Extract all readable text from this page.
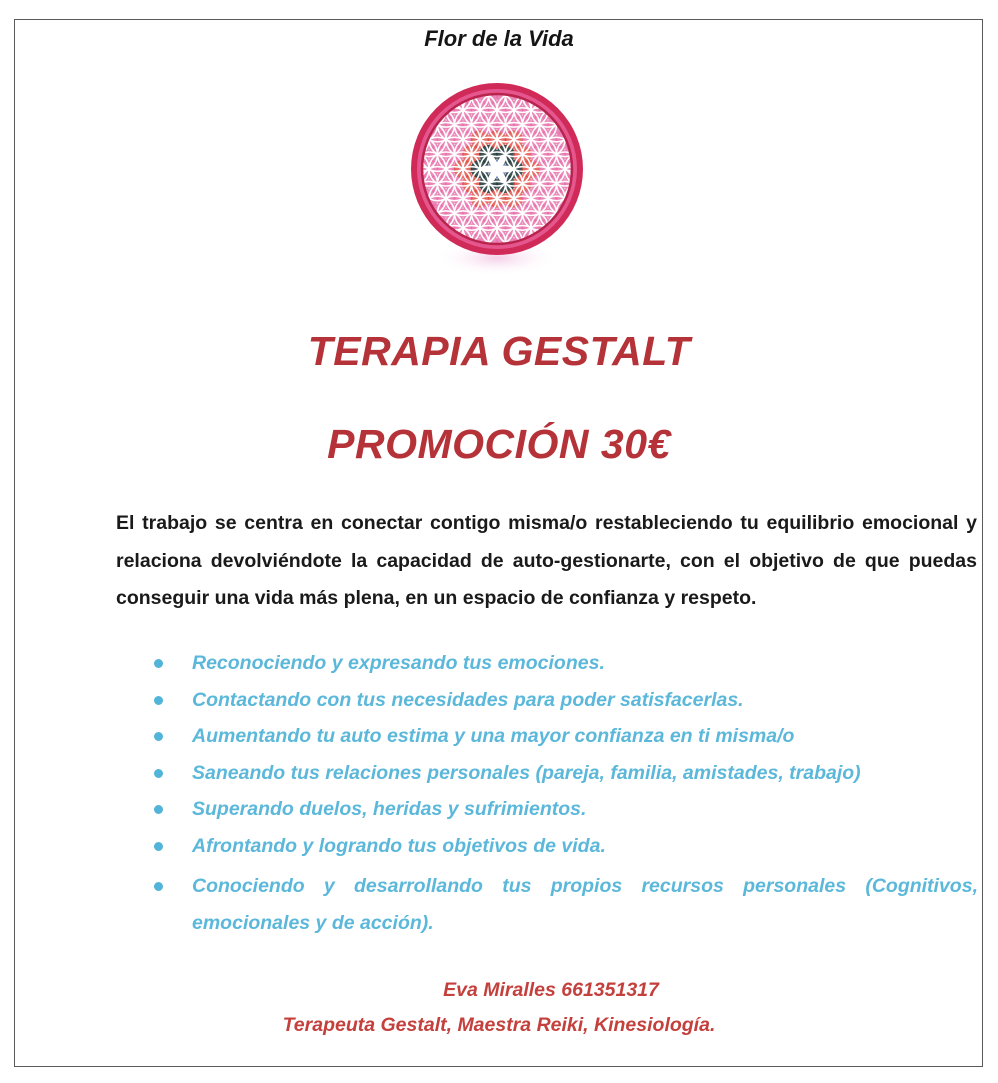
Flor de la Vida
TERAPIA GESTALT
PROMOCIÓN 30€
El trabajo se centra en conectar contigo misma/o restableciendo tu equilibrio emocional y relaciona devolviéndote la capacidad de auto-gestionarte, con el objetivo de que puedas conseguir una vida más plena, en un espacio de confianza y respeto.
Reconociendo y expresando tus emociones.
Contactando con tus necesidades para poder satisfacerlas.
Aumentando tu auto estima y una mayor confianza en ti misma/o
Saneando tus relaciones personales (pareja, familia, amistades, trabajo)
Superando duelos, heridas y sufrimientos.
Afrontando y logrando tus objetivos de vida.
Conociendo y desarrollando tus propios recursos personales (Cognitivos, emocionales y de acción).
Eva Miralles 661351317
Terapeuta Gestalt, Maestra Reiki, Kinesiología.
